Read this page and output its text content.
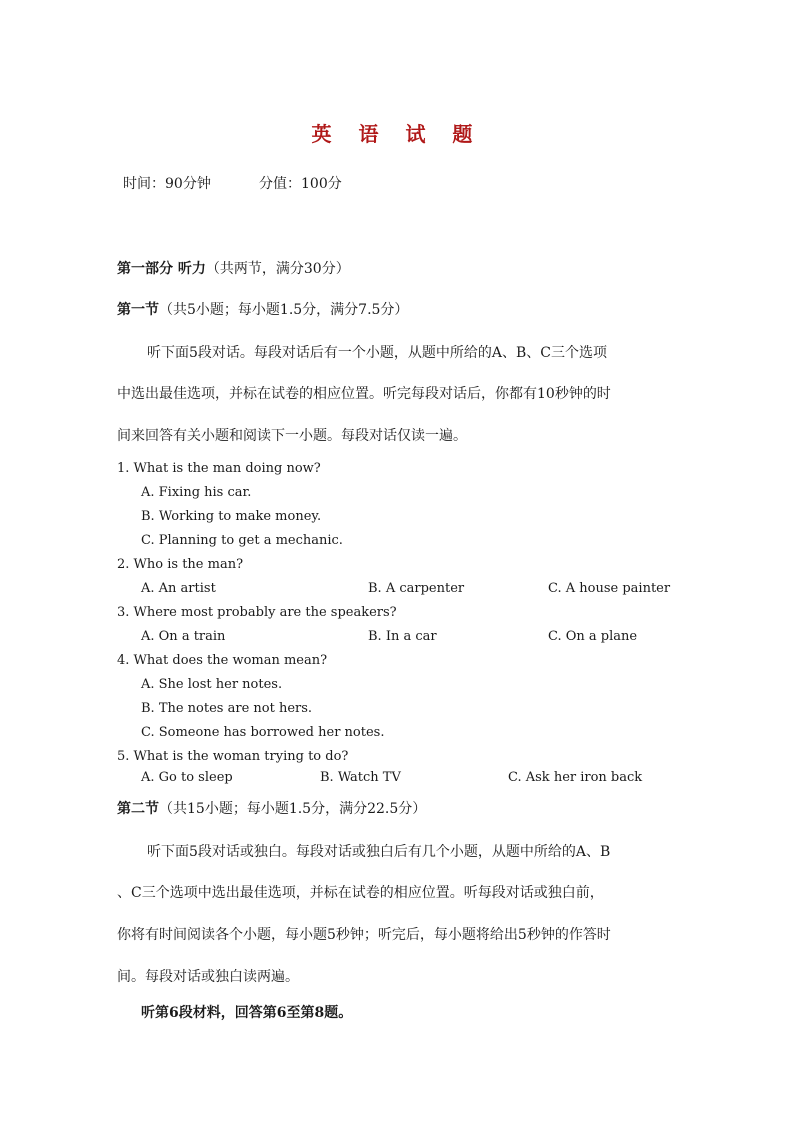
英 语 试 题
时间：90分钟	分值：100分
第一部分 听力（共两节，满分30分）
第一节（共5小题；每小题1.5分，满分7.5分）
听下面5段对话。每段对话后有一个小题，从题中所给的A、B、C三个选项
中选出最佳选项，并标在试卷的相应位置。听完每段对话后，你都有10秒钟的时
间来回答有关小题和阅读下一小题。每段对话仅读一遍。
1. What is the man doing now?
A. Fixing his car.
B. Working to make money.
C. Planning to get a mechanic.
2. Who is the man?
A. An artist	B. A carpenter	C. A house painter
3. Where most probably are the speakers?
A. On a train	B. In a car	C. On a plane
4. What does the woman mean?
A. She lost her notes.
B. The notes are not hers.
C. Someone has borrowed her notes.
5. What is the woman trying to do?
A. Go to sleep	B. Watch TV	C. Ask her iron back
第二节（共15小题；每小题1.5分，满分22.5分）
听下面5段对话或独白。每段对话或独白后有几个小题，从题中所给的A、B
、C三个选项中选出最佳选项，并标在试卷的相应位置。听每段对话或独白前，
你将有时间阅读各个小题，每小题5秒钟；听完后，每小题将给出5秒钟的作答时
间。每段对话或独白读两遍。
听第6段材料，回答第6至第8题。
